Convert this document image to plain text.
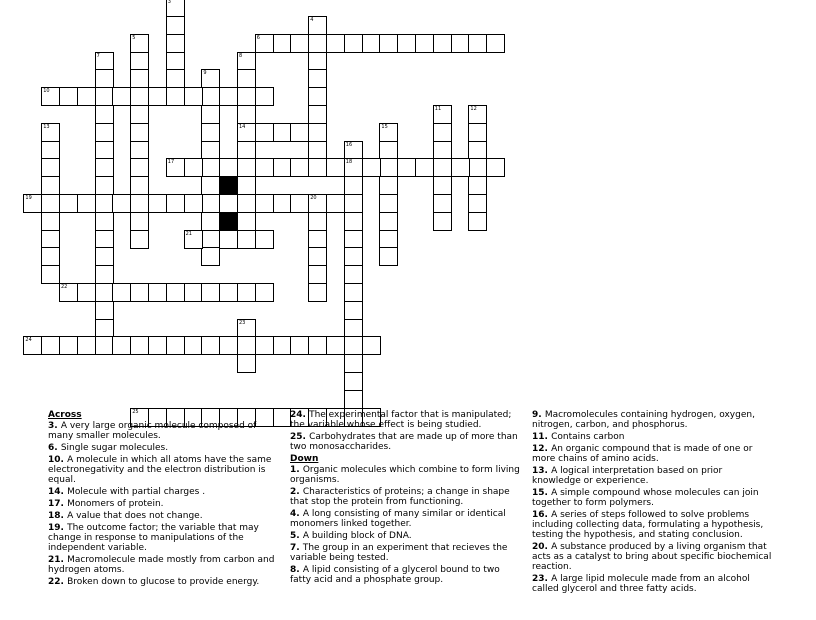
3
4
5	6
7	8
14
9
10
11	12
13	15
16
18
17
19	20
21
22
23
24
25
Across
3. A very large organic molecule composed of many smaller molecules.
6. Single sugar molecules.
10. A molecule in which all atoms have the same electronegativity and the electron distribution is equal.
14. Molecule with partial charges .
17. Monomers of protein.
18. A value that does not change.
19. The outcome factor; the variable that may change in response to manipulations of the independent variable.
21. Macromolecule made mostly from carbon and hydrogen atoms.
22. Broken down to glucose to provide energy.
24. The experimental factor that is manipulated; the variable whose effect is being studied.
25. Carbohydrates that are made up of more than two monosaccharides.
Down
1. Organic molecules which combine to form living organisms.
2. Characteristics of proteins; a change in shape that stop the protein from functioning.
4. A long consisting of many similar or identical monomers linked together.
5. A building block of DNA.
7. The group in an experiment that recieves the variable being tested.
8. A lipid consisting of a glycerol bound to two fatty acid and a phosphate group.
9. Macromolecules containing hydrogen, oxygen, nitrogen, carbon, and phosphorus.
11. Contains carbon
12. An organic compound that is made of one or more chains of amino acids.
13. A logical interpretation based on prior knowledge or experience.
15. A simple compound whose molecules can join together to form polymers.
16. A series of steps followed to solve problems including collecting data, formulating a hypothesis, testing the hypothesis, and stating conclusion.
20. A substance produced by a living organism that acts as a catalyst to bring about specific biochemical reaction.
23. A large lipid molecule made from an alcohol called glycerol and three fatty acids.
